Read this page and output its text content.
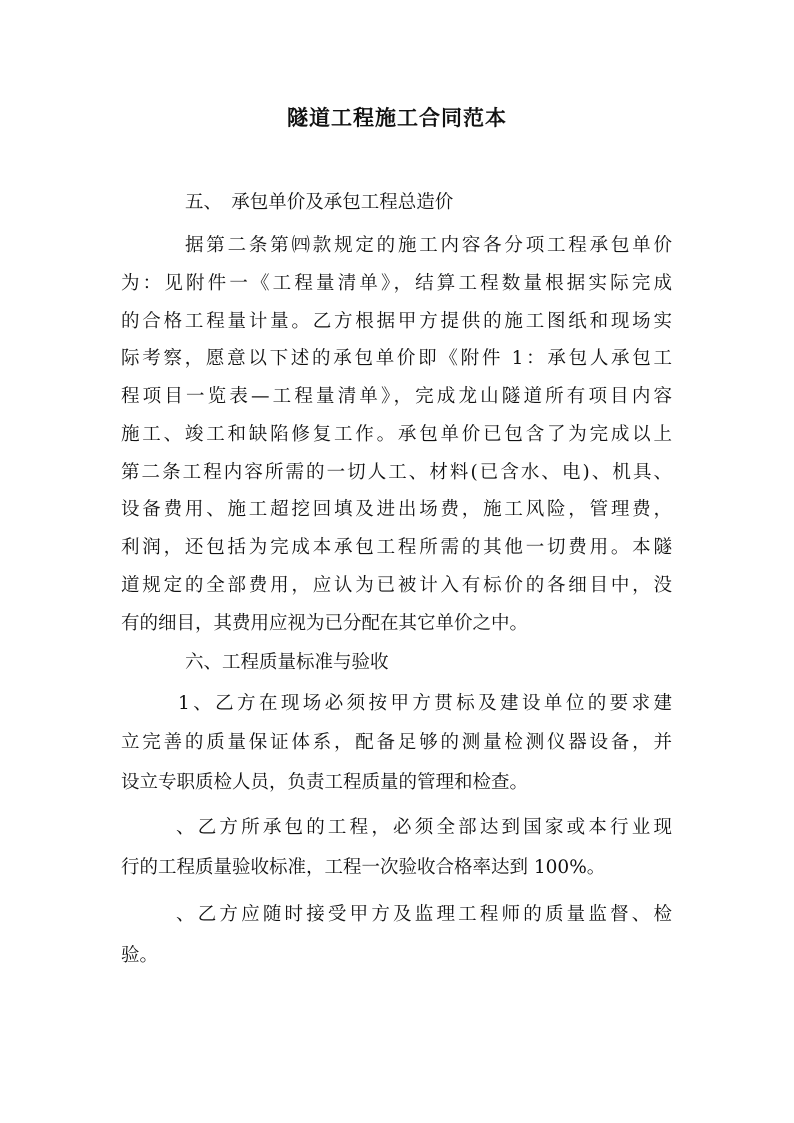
隧道工程施工合同范本

五、　承包单价及承包工程总造价

据第二条第㈣款规定的施工内容各分项工程承包单价

为：见附件一《工程量清单》，结算工程数量根据实际完成

的合格工程量计量。乙方根据甲方提供的施工图纸和现场实

际考察，愿意以下述的承包单价即《附件 1：承包人承包工

程项目一览表—工程量清单》，完成龙山隧道所有项目内容

施工、竣工和缺陷修复工作。承包单价已包含了为完成以上

第二条工程内容所需的一切人工、材料(已含水、电)、机具、

设备费用、施工超挖回填及进出场费，施工风险，管理费，

利润，还包括为完成本承包工程所需的其他一切费用。本隧

道规定的全部费用，应认为已被计入有标价的各细目中，没

有的细目，其费用应视为已分配在其它单价之中。

六、工程质量标准与验收

1、乙方在现场必须按甲方贯标及建设单位的要求建

立完善的质量保证体系，配备足够的测量检测仪器设备，并

设立专职质检人员，负责工程质量的管理和检查。

、乙方所承包的工程，必须全部达到国家或本行业现

行的工程质量验收标准，工程一次验收合格率达到 100%。

、乙方应随时接受甲方及监理工程师的质量监督、检

验。
